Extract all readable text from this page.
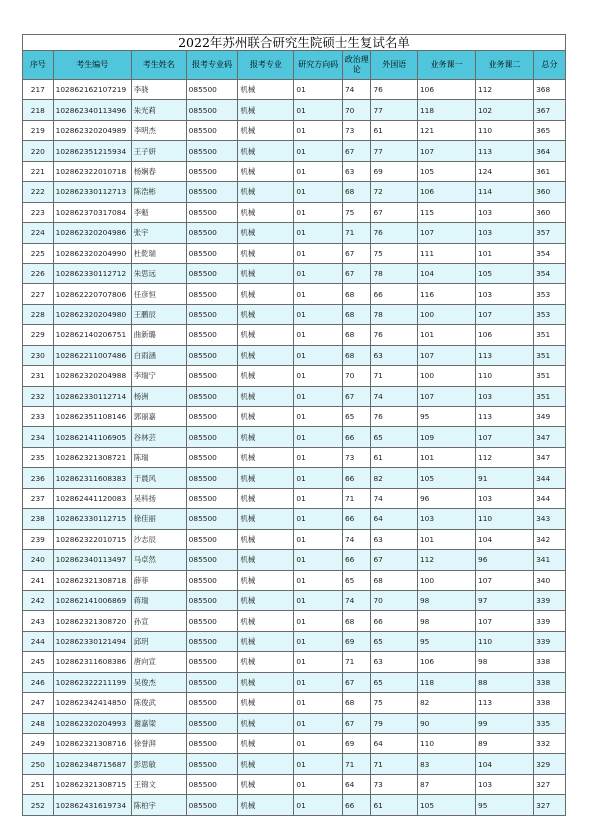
2022年苏州联合研究生院硕士生复试名单										
序号	考生编号	考生姓名	报考专业码	报考专业	研究方向码	政治理论	外国语	业务课一	业务课二	总分
217	102862162107219	李骁	085500	机械	01	74	76	106	112	368
218	102862340113496	朱光莉	085500	机械	01	70	77	118	102	367
219	102862320204989	李明杰	085500	机械	01	73	61	121	110	365
220	102862351215934	王子妍	085500	机械	01	67	77	107	113	364
221	102862322010718	杨娴春	085500	机械	01	63	69	105	124	361
222	102862330112713	陈浩彬	085500	机械	01	68	72	106	114	360
223	102862370317084	李魁	085500	机械	01	75	67	115	103	360
224	102862320204986	张宇	085500	机械	01	71	76	107	103	357
225	102862320204990	杜乾瑞	085500	机械	01	67	75	111	101	354
226	102862330112712	朱思远	085500	机械	01	67	78	104	105	354
227	102862220707806	任彦恒	085500	机械	01	68	66	116	103	353
228	102862320204980	王鹏辰	085500	机械	01	68	78	100	107	353
229	102862140206751	曲新璐	085500	机械	01	68	76	101	106	351
230	102862211007486	白雨涵	085500	机械	01	68	63	107	113	351
231	102862320204988	李瑞宁	085500	机械	01	70	71	100	110	351
232	102862330112714	杨洲	085500	机械	01	67	74	107	103	351
233	102862351108146	郭丽嘉	085500	机械	01	65	76	95	113	349
234	102862141106905	谷林芸	085500	机械	01	66	65	109	107	347
235	102862321308721	陈瑞	085500	机械	01	73	61	101	112	347
236	102862311608383	于晨风	085500	机械	01	66	82	105	91	344
237	102862441120083	吴科扬	085500	机械	01	71	74	96	103	344
238	102862330112715	徐佳丽	085500	机械	01	66	64	103	110	343
239	102862322010715	沙志辰	085500	机械	01	74	63	101	104	342
240	102862340113497	马卓然	085500	机械	01	66	67	112	96	341
241	102862321308718	薛菲	085500	机械	01	65	68	100	107	340
242	102862141006869	蒋瑞	085500	机械	01	74	70	98	97	339
243	102862321308720	孙宣	085500	机械	01	68	66	98	107	339
244	102862330121494	邱玥	085500	机械	01	69	65	95	110	339
245	102862311608386	唐向宣	085500	机械	01	71	63	106	98	338
246	102862322211199	吴俊杰	085500	机械	01	67	65	118	88	338
247	102862342414850	陈俊武	085500	机械	01	68	75	82	113	338
248	102862320204993	谢嘉梁	085500	机械	01	67	79	90	99	335
249	102862321308716	徐誉湃	085500	机械	01	69	64	110	89	332
250	102862348715687	彭思敏	085500	机械	01	71	71	83	104	329
251	102862321308715	王锦文	085500	机械	01	64	73	87	103	327
252	102862431619734	陈柏宇	085500	机械	01	66	61	105	95	327
